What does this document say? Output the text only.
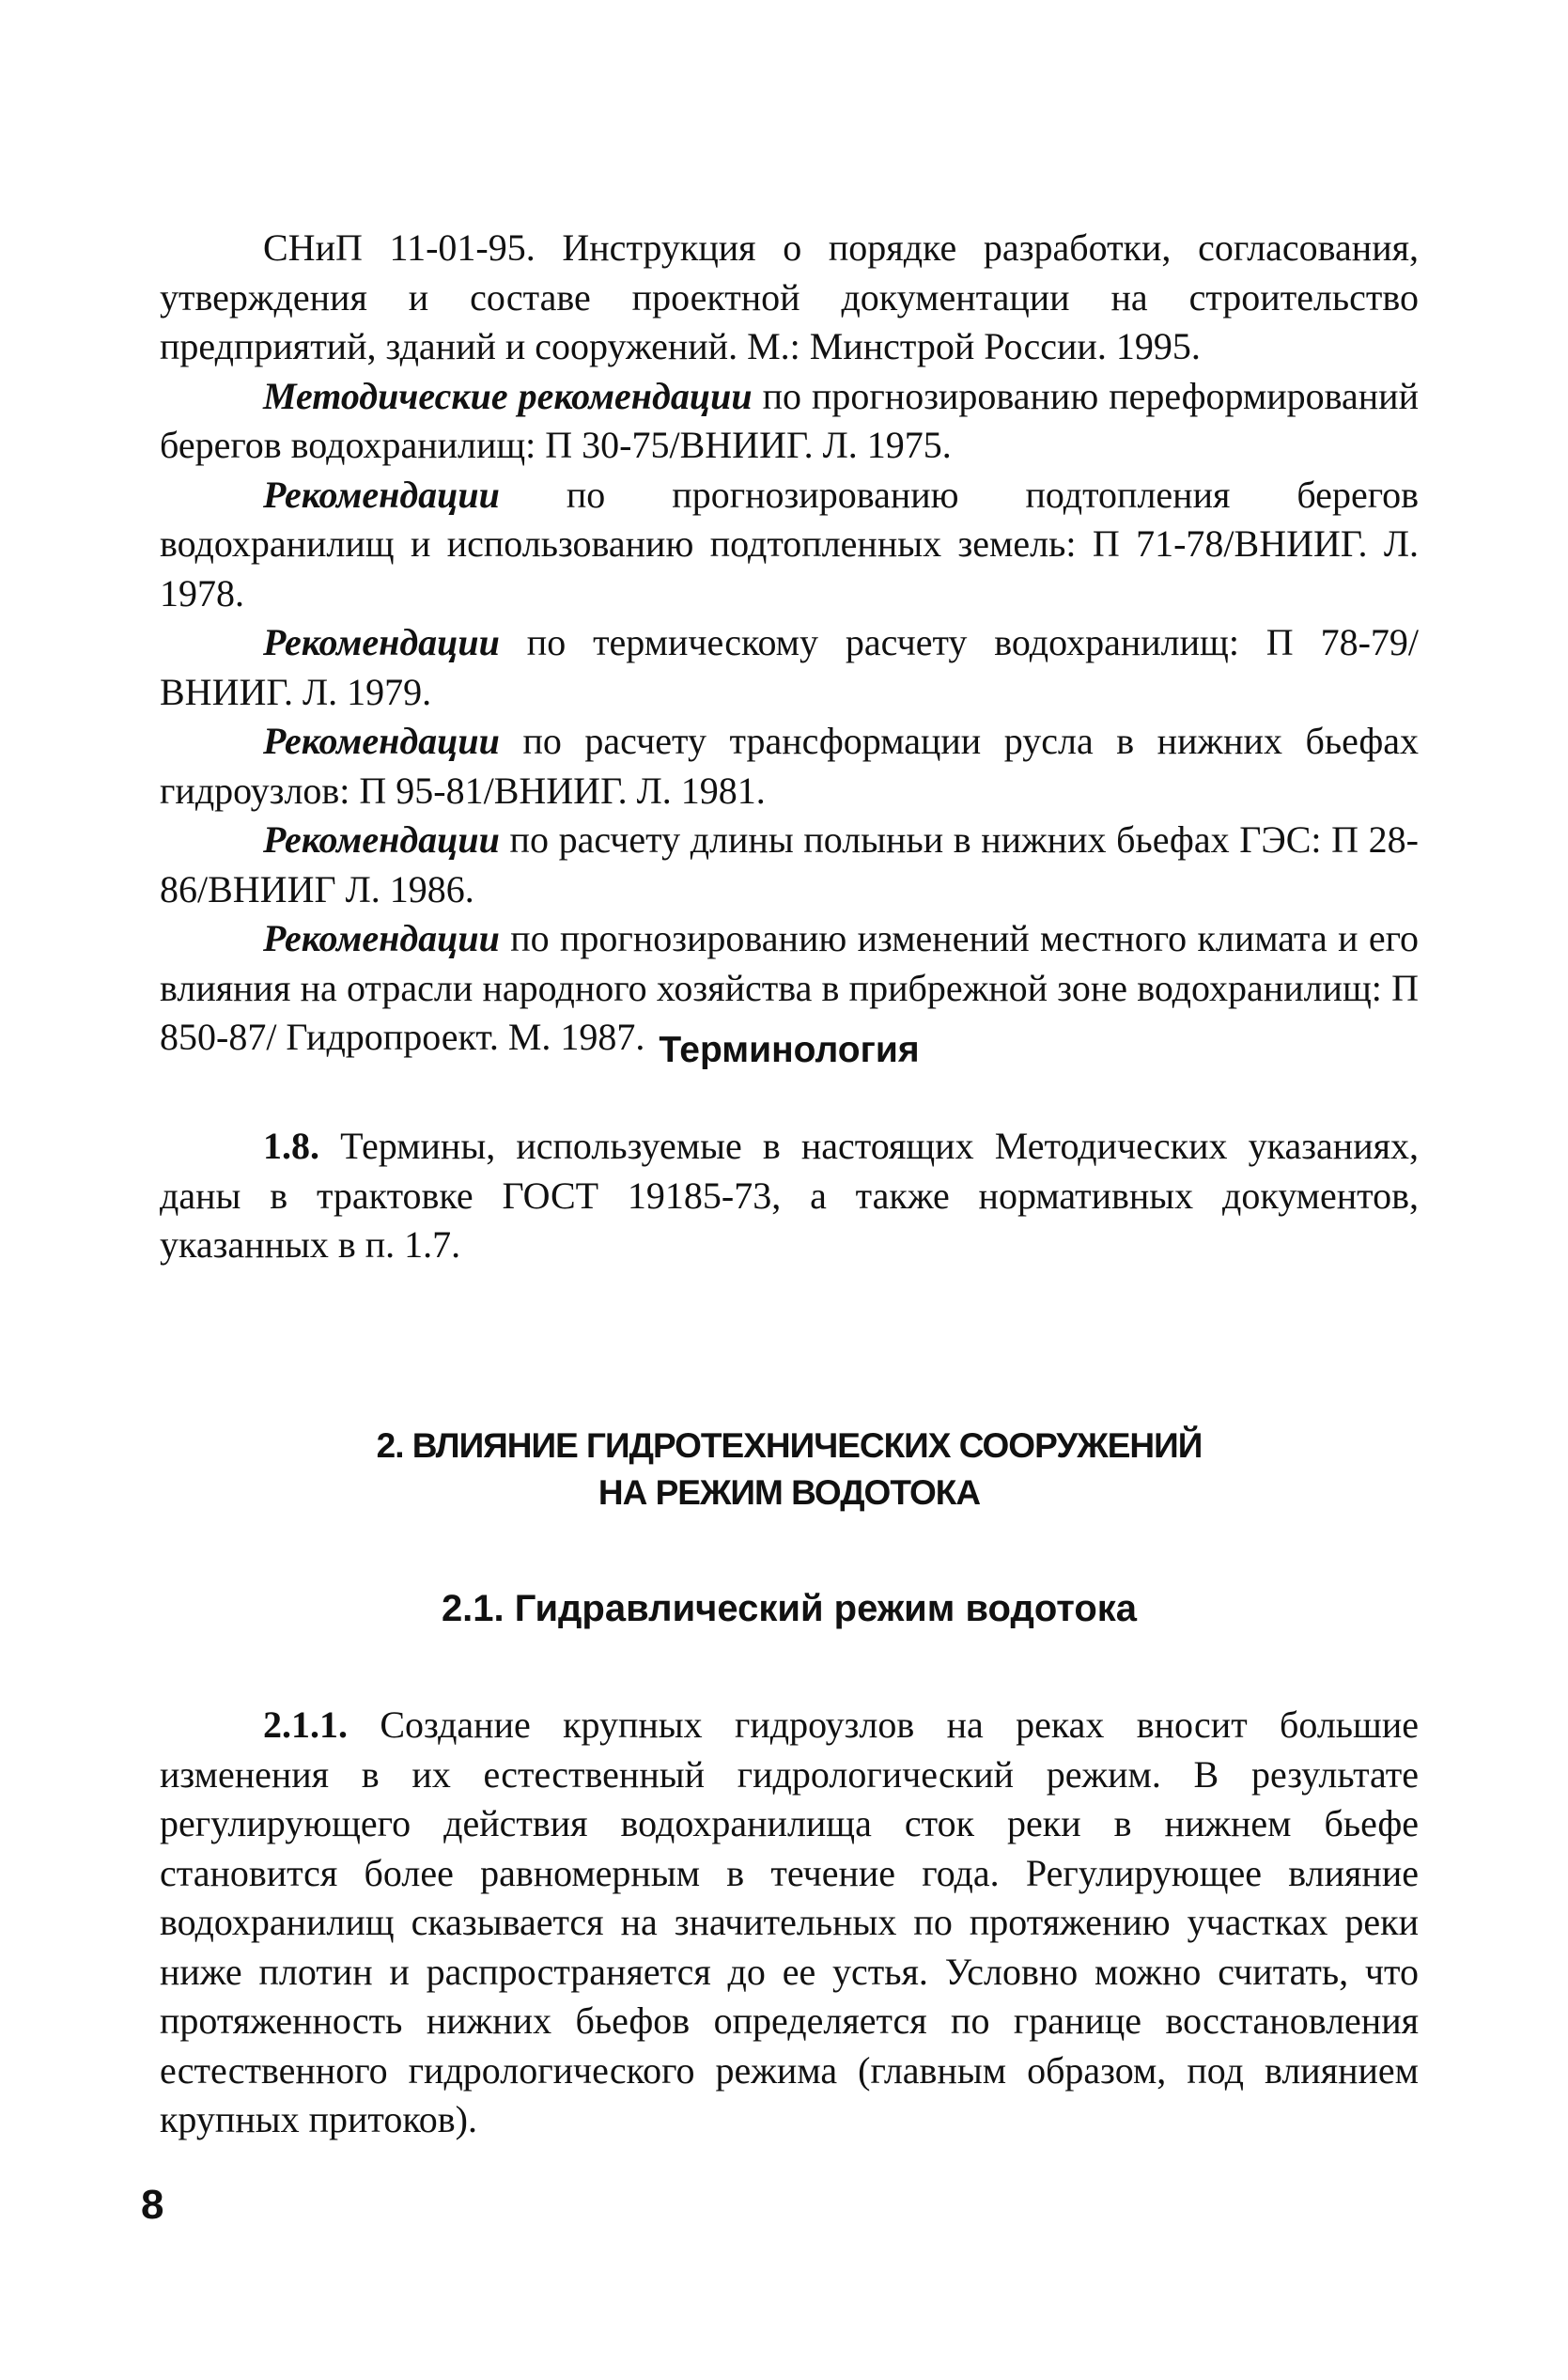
СНиП 11-01-95. Инструкция о порядке разработки, согласования, утверждения и составе проектной документации на строительство предприятий, зданий и сооружений. М.: Минстрой России. 1995.

Методические рекомендации по прогнозированию переформирований берегов водохранилищ: П 30-75/ВНИИГ. Л. 1975.

Рекомендации по прогнозированию подтопления берегов водохранилищ и использованию подтопленных земель: П 71-78/ВНИИГ. Л. 1978.

Рекомендации по термическому расчету водохранилищ: П 78-79/ ВНИИГ. Л. 1979.

Рекомендации по расчету трансформации русла в нижних бьефах гидроузлов: П 95-81/ВНИИГ. Л. 1981.

Рекомендации по расчету длины полыньи в нижних бьефах ГЭС: П 28-86/ВНИИГ Л. 1986.

Рекомендации по прогнозированию изменений местного климата и его влияния на отрасли народного хозяйства в прибрежной зоне водохранилищ: П 850-87/ Гидропроект. М. 1987. Терминология

1.8. Термины, используемые в настоящих Методических указаниях, даны в трактовке ГОСТ 19185-73, а также нормативных документов, указанных в п. 1.7.

2. ВЛИЯНИЕ ГИДРОТЕХНИЧЕСКИХ СООРУЖЕНИЙ
НА РЕЖИМ ВОДОТОКА
2.1. Гидравлический режим водотока

2.1.1. Создание крупных гидроузлов на реках вносит большие изменения в их естественный гидрологический режим. В результате регулирующего действия водохранилища сток реки в нижнем бьефе становится более равномерным в течение года. Регулирующее влияние водохранилищ сказывается на значительных по протяжению участках реки ниже плотин и распространяется до ее устья. Условно можно считать, что протяженность нижних бьефов определяется по границе восстановления естественного гидрологического режима (главным образом, под влиянием крупных притоков).

8
